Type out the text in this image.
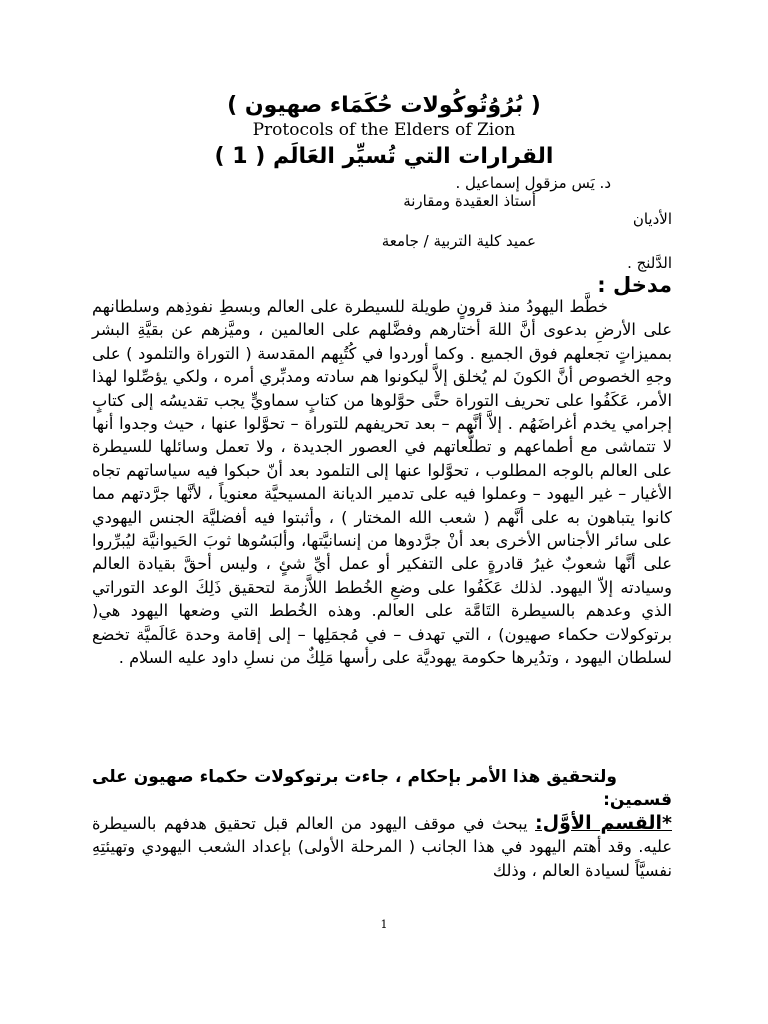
( بُرُوُتُوكُولات حُكَمَاء صهيون )
Protocols of the Elders of Zion
القرارات التي تُسيِّر العَالَم ( 1 )
د. يَس مزقول إسماعيل .
أستاذ العقيدة ومقارنة
الأديان
عميد كلية التربية / جامعة
الدَّلنج .
مدخل :

خطَّط اليهودُ منذ قرونٍ طويلة للسيطرة على العالم وبسطِ نفوذِهم وسلطانهم على الأرضِ بدعوى أنَّ اللهَ أختارهم وفضَّلهم على العالمين ، وميَّزهم عن بقيَّةِ البشر بمميزاتٍ تجعلهم فوق الجميع . وكما أوردوا في كُتُبِهم المقدسة ( التوراة والتلمود ) على وجهِ الخصوص أنَّ الكونَ لم يُخلق إلاَّ ليكونوا هم سادته ومدبِّري أمره ، ولكي يؤصِّلوا لهذا الأمر، عَكَفُوا على تحريف التوراة حتَّى حوَّلوها من كتابٍ سماويٍّ يجب تقديسُه إلى كتابٍ إجرامي يخدم أغراضَهُم . إلاَّ أنَّهم – بعد تحريفهم للتوراة – تحوَّلوا عنها ، حيث وجدوا أنها لا تتماشى مع أطماعهم و تطلُّعاتهم في العصور الجديدة ، ولا تعمل وسائلها للسيطرة على العالم بالوجه المطلوب ، تحوَّلوا عنها إلى التلمود بعد أنّ حبكوا فيه سياساتهم تجاه الأغيار – غير اليهود – وعملوا فيه على تدمير الديانة المسيحيَّة معنوياً ، لأنَّها جرَّدتهم مما كانوا يتباهون به على أنَّهم ( شعب الله المختار ) ، وأثبتوا فيه أفضليَّة الجنس اليهودي على سائر الأجناس الأخرى بعد أنْ جرَّدوها من إنسانيَّتها، وألبَسُوها ثوبَ الحَيوانيَّة ليُبرِّروا على أنَّها شعوبٌ غيرُ قادرةٍ على التفكير أو عمل أيِّ شئٍ ، وليس أحقَّ بقيادة العالم وسيادته إلاّ اليهود. لذلك عَكَفُوا على وضعِ الخُطط اللاَّزمة لتحقيق ذَلِكَ الوعد التوراتي الذي وعدهم بالسيطرة التَامَّة على العالم. وهذه الخُطط التي وضعها اليهود هي( برتوكولات حكماء صهيون) ، التي تهدف – في مُجمَلِها – إلى إقامة وحدة عَالَميَّة تخضع لسلطان اليهود ، وتدُيرها حكومة يهوديَّة على رأسها مَلِكٌ من نسلِ داود عليه السلام .

ولتحقيق هذا الأمر بإحكام ، جاءت برتوكولات حكماء صهيون على قسمين:

*القسم الأوَّل: يبحث في موقف اليهود من العالم قبل تحقيق هدفهم بالسيطرة عليه. وقد أهتم اليهود في هذا الجانب ( المرحلة الأولى) بإعداد الشعب اليهودي وتهيئتِهِ نفسيَّاً لسيادة العالم ، وذلك
1
